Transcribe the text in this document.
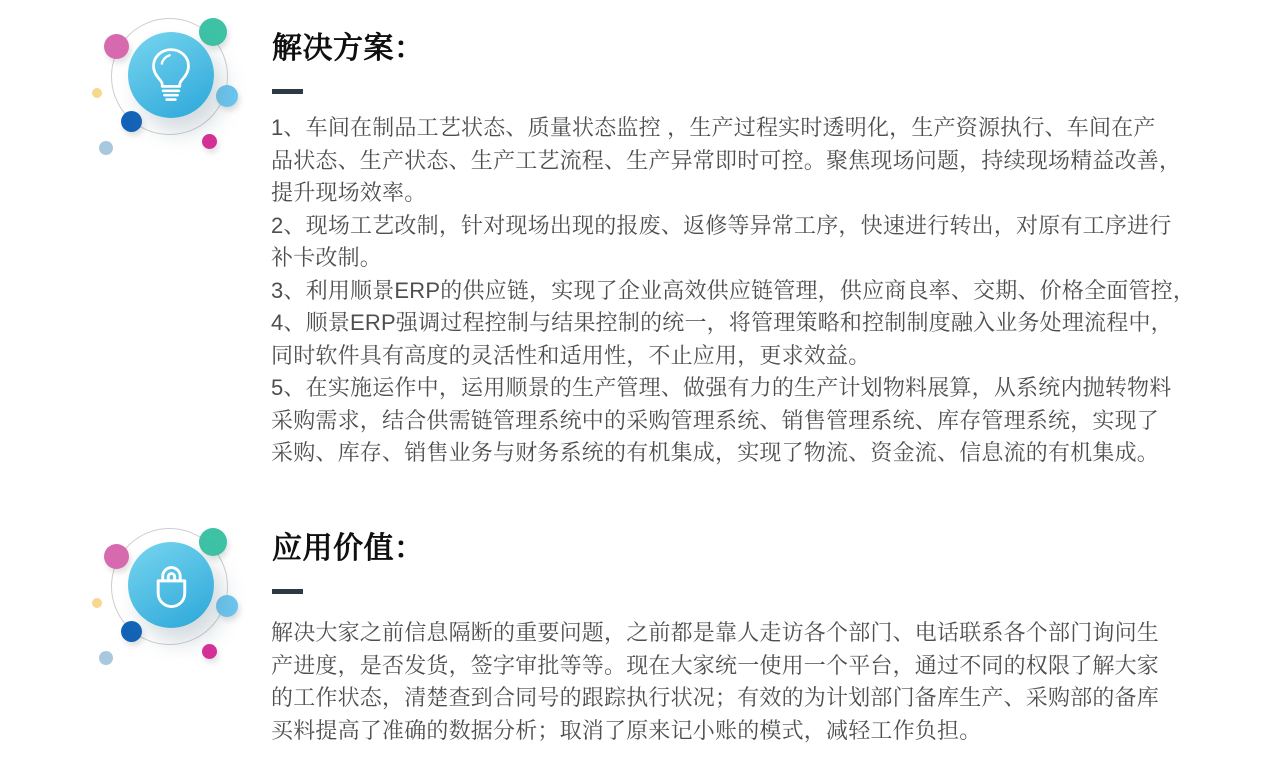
解决方案：
1、车间在制品工艺状态、质量状态监控 ，生产过程实时透明化，生产资源执行、车间在产
品状态、生产状态、生产工艺流程、生产异常即时可控。聚焦现场问题，持续现场精益改善，
提升现场效率。
2、现场工艺改制，针对现场出现的报废、返修等异常工序，快速进行转出，对原有工序进行
补卡改制。
3、利用顺景ERP的供应链，实现了企业高效供应链管理，供应商良率、交期、价格全面管控，
4、顺景ERP强调过程控制与结果控制的统一，将管理策略和控制制度融入业务处理流程中，
同时软件具有高度的灵活性和适用性，不止应用，更求效益。
5、在实施运作中，运用顺景的生产管理、做强有力的生产计划物料展算，从系统内抛转物料
采购需求，结合供需链管理系统中的采购管理系统、销售管理系统、库存管理系统，实现了
采购、库存、销售业务与财务系统的有机集成，实现了物流、资金流、信息流的有机集成。
应用价值：
解决大家之前信息隔断的重要问题，之前都是靠人走访各个部门、电话联系各个部门询问生
产进度，是否发货，签字审批等等。现在大家统一使用一个平台，通过不同的权限了解大家
的工作状态，清楚查到合同号的跟踪执行状况；有效的为计划部门备库生产、采购部的备库
买料提高了准确的数据分析；取消了原来记小账的模式，减轻工作负担。
